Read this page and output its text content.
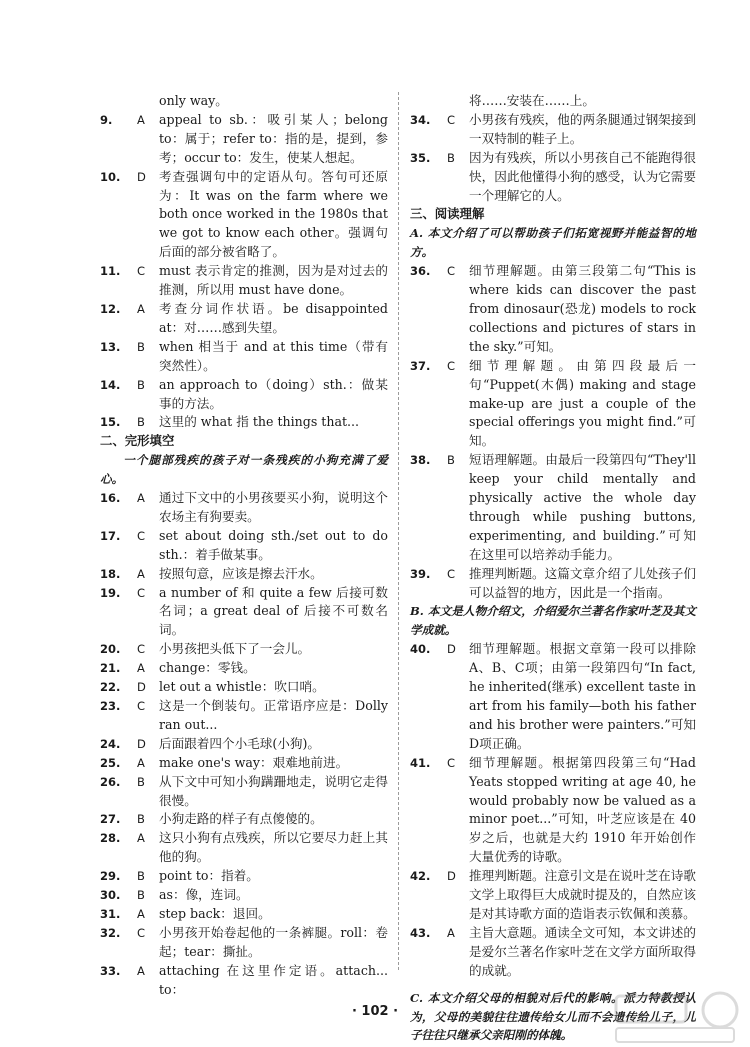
only way。
9.	A	appeal to sb.：吸引某人；belong to：属于；refer to：指的是，提到，参考；occur to：发生，使某人想起。
10.	D	考查强调句中的定语从句。答句可还原为：It was on the farm where we both once worked in the 1980s that we got to know each other。强调句后面的部分被省略了。
11.	C	must 表示肯定的推测，因为是对过去的推测，所以用 must have done。
12.	A	考查分词作状语。be disappointed at：对……感到失望。
13.	B	when 相当于 and at this time（带有突然性）。
14.	B	an approach to（doing）sth.：做某事的方法。
15.	B	这里的 what 指 the things that...
二、完形填空
一个腿部残疾的孩子对一条残疾的小狗充满了爱心。
16.	A	通过下文中的小男孩要买小狗，说明这个农场主有狗要卖。
17.	C	set about doing sth./set out to do sth.：着手做某事。
18.	A	按照句意，应该是擦去汗水。
19.	C	a number of 和 quite a few 后接可数名词；a great deal of 后接不可数名词。
20.	C	小男孩把头低下了一会儿。
21.	A	change：零钱。
22.	D	let out a whistle：吹口哨。
23.	C	这是一个倒装句。正常语序应是：Dolly ran out...
24.	D	后面跟着四个小毛球(小狗)。
25.	A	make one's way：艰难地前进。
26.	B	从下文中可知小狗蹒跚地走，说明它走得很慢。
27.	B	小狗走路的样子有点傻傻的。
28.	A	这只小狗有点残疾，所以它要尽力赶上其他的狗。
29.	B	point to：指着。
30.	B	as：像，连词。
31.	A	step back：退回。
32.	C	小男孩开始卷起他的一条裤腿。roll：卷起；tear：撕扯。
33.	A	attaching 在这里作定语。attach... to：
将……安装在……上。
34.	C	小男孩有残疾，他的两条腿通过钢架接到一双特制的鞋子上。
35.	B	因为有残疾，所以小男孩自己不能跑得很快，因此他懂得小狗的感受，认为它需要一个理解它的人。
三、阅读理解
A. 本文介绍了可以帮助孩子们拓宽视野并能益智的地方。
36.	C	细节理解题。由第三段第二句“This is where kids can discover the past from dinosaur(恐龙) models to rock collections and pictures of stars in the sky.”可知。
37.	C	细节理解题。由第四段最后一句“Puppet(木偶) making and stage make-up are just a couple of the special offerings you might find.”可知。
38.	B	短语理解题。由最后一段第四句“They'll keep your child mentally and physically active the whole day through while pushing buttons, experimenting, and building.”可知在这里可以培养动手能力。
39.	C	推理判断题。这篇文章介绍了儿处孩子们可以益智的地方，因此是一个指南。
B. 本文是人物介绍文，介绍爱尔兰著名作家叶芝及其文学成就。
40.	D	细节理解题。根据文章第一段可以排除A、B、C项；由第一段第四句“In fact, he inherited(继承) excellent taste in art from his family—both his father and his brother were painters.”可知D项正确。
41.	C	细节理解题。根据第四段第三句“Had Yeats stopped writing at age 40, he would probably now be valued as a minor poet...”可知，叶芝应该是在 40 岁之后，也就是大约 1910 年开始创作大量优秀的诗歌。
42.	D	推理判断题。注意引文是在说叶芝在诗歌文学上取得巨大成就时提及的，自然应该是对其诗歌方面的造诣表示钦佩和羡慕。
43.	A	主旨大意题。通读全文可知，本文讲述的是爱尔兰著名作家叶芝在文学方面所取得的成就。
C. 本文介绍父母的相貌对后代的影响。派力特教授认为，父母的美貌往往遗传给女儿而不会遗传给儿子，儿子往往只继承父亲阳刚的体魄。
· 102 ·
